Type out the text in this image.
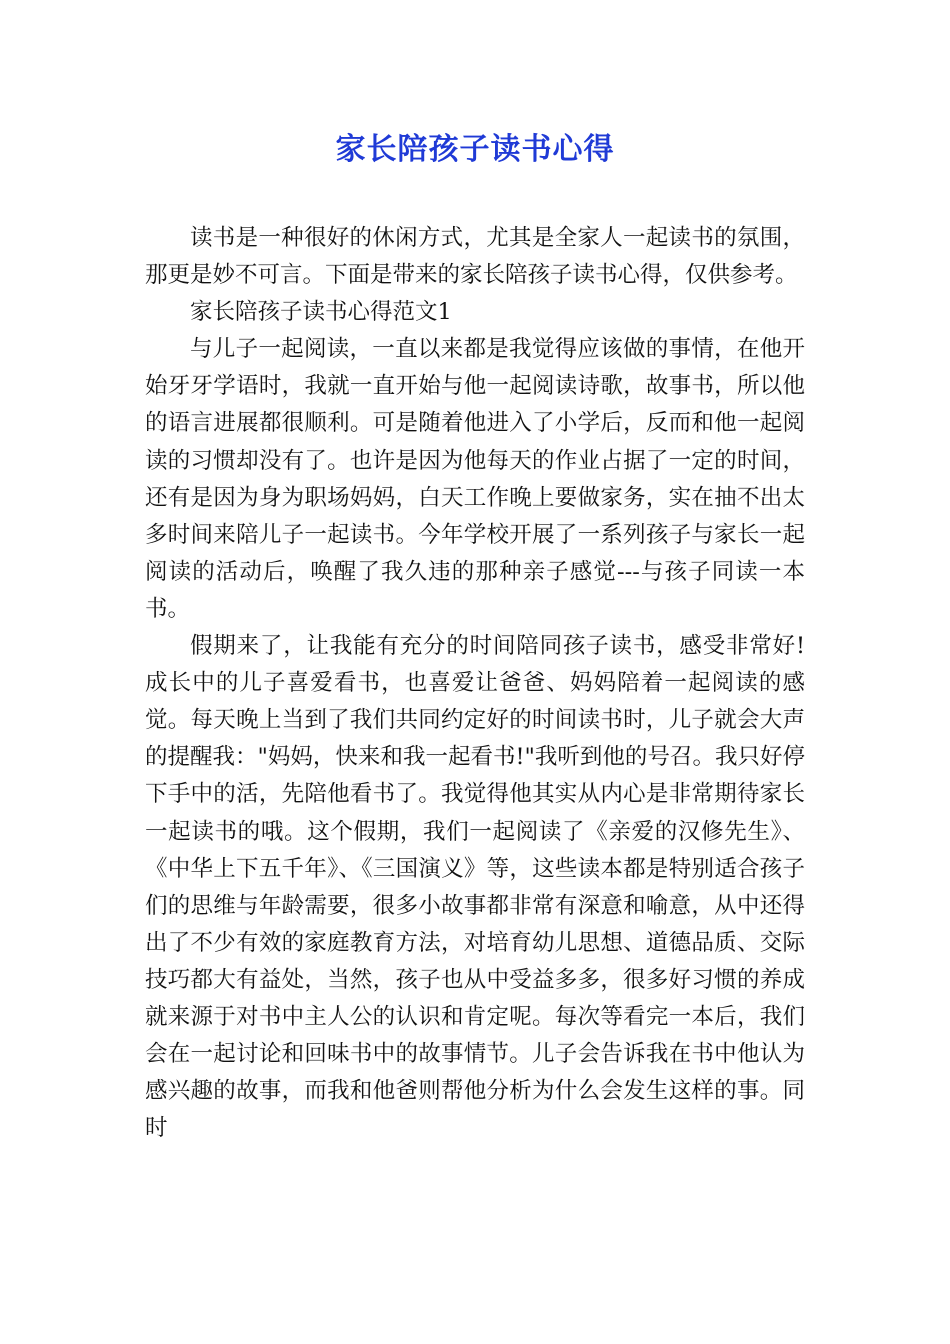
家长陪孩子读书心得

读书是一种很好的休闲方式，尤其是全家人一起读书的氛围，那更是妙不可言。下面是带来的家长陪孩子读书心得，仅供参考。

家长陪孩子读书心得范文1

与儿子一起阅读，一直以来都是我觉得应该做的事情，在他开始牙牙学语时，我就一直开始与他一起阅读诗歌，故事书，所以他的语言进展都很顺利。可是随着他进入了小学后，反而和他一起阅读的习惯却没有了。也许是因为他每天的作业占据了一定的时间，还有是因为身为职场妈妈，白天工作晚上要做家务，实在抽不出太多时间来陪儿子一起读书。今年学校开展了一系列孩子与家长一起阅读的活动后，唤醒了我久违的那种亲子感觉---与孩子同读一本书。

假期来了，让我能有充分的时间陪同孩子读书，感受非常好!成长中的儿子喜爱看书，也喜爱让爸爸、妈妈陪着一起阅读的感觉。每天晚上当到了我们共同约定好的时间读书时，儿子就会大声的提醒我："妈妈，快来和我一起看书!"我听到他的号召。我只好停下手中的活，先陪他看书了。我觉得他其实从内心是非常期待家长一起读书的哦。这个假期，我们一起阅读了《亲爱的汉修先生》、《中华上下五千年》、《三国演义》等，这些读本都是特别适合孩子们的思维与年龄需要，很多小故事都非常有深意和喻意，从中还得出了不少有效的家庭教育方法，对培育幼儿思想、道德品质、交际技巧都大有益处，当然，孩子也从中受益多多，很多好习惯的养成就来源于对书中主人公的认识和肯定呢。每次等看完一本后，我们会在一起讨论和回味书中的故事情节。儿子会告诉我在书中他认为感兴趣的故事，而我和他爸则帮他分析为什么会发生这样的事。同时
